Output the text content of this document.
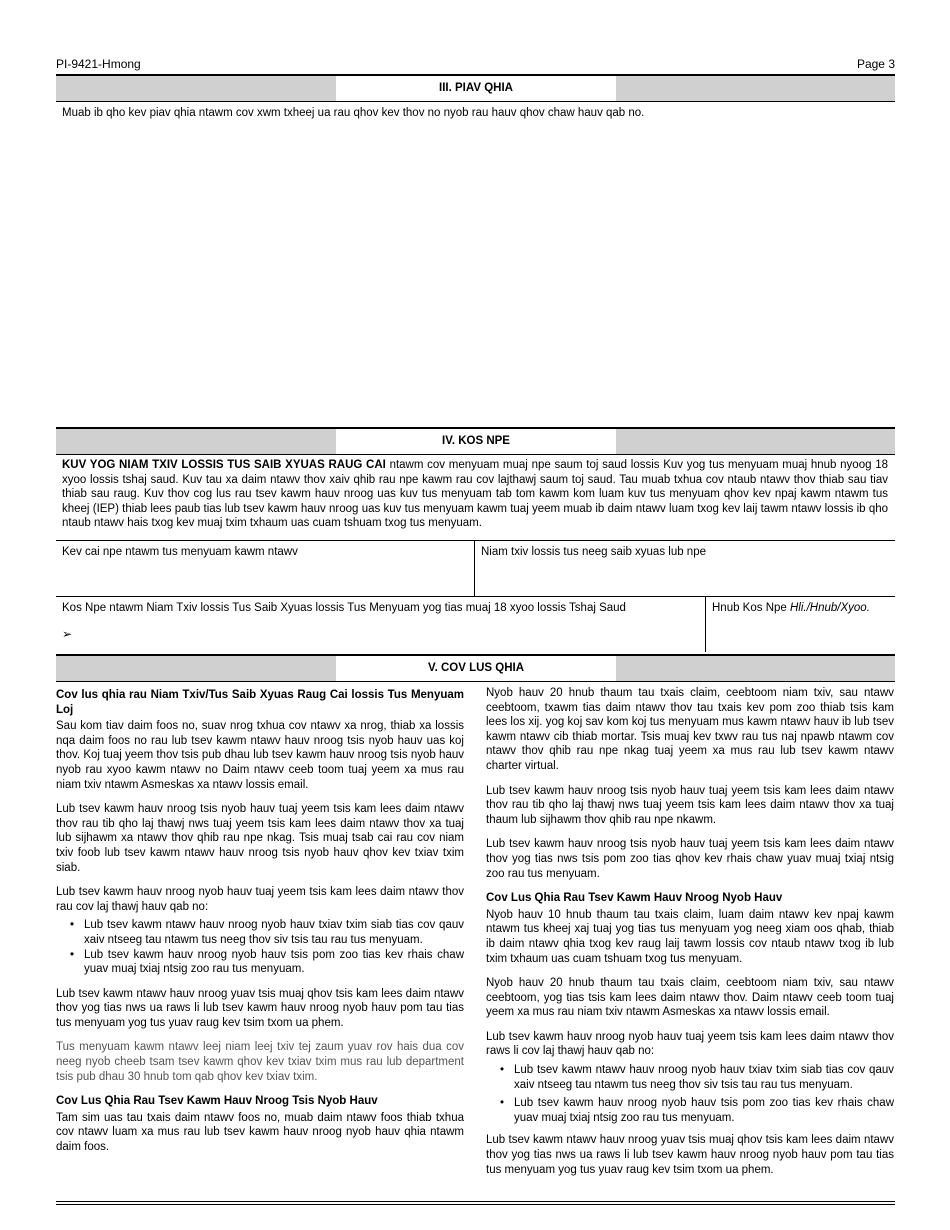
PI-9421-Hmong	Page 3
III. PIAV QHIA
Muab ib qho kev piav qhia ntawm cov xwm txheej ua rau qhov kev thov no nyob rau hauv qhov chaw hauv qab no.
IV. KOS NPE
KUV YOG NIAM TXIV LOSSIS TUS SAIB XYUAS RAUG CAI ntawm cov menyuam muaj npe saum toj saud lossis Kuv yog tus menyuam muaj hnub nyoog 18 xyoo lossis tshaj saud. Kuv tau xa daim ntawv thov xaiv qhib rau npe kawm rau cov lajthawj saum toj saud. Tau muab txhua cov ntaub ntawv thov thiab sau tiav thiab sau raug. Kuv thov cog lus rau tsev kawm hauv nroog uas kuv tus menyuam tab tom kawm kom luam kuv tus menyuam qhov kev npaj kawm ntawm tus kheej (IEP) thiab lees paub tias lub tsev kawm hauv nroog uas kuv tus menyuam kawm tuaj yeem muab ib daim ntawv luam txog kev laij tawm ntawv lossis ib qho ntaub ntawv hais txog kev muaj txim txhaum uas cuam tshuam txog tus menyuam.
Kev cai npe ntawm tus menyuam kawm ntawv	Niam txiv lossis tus neeg saib xyuas lub npe
Kos Npe ntawm Niam Txiv lossis Tus Saib Xyuas lossis Tus Menyuam yog tias muaj 18 xyoo lossis Tshaj Saud
➢
Hnub Kos Npe Hli./Hnub/Xyoo.
V. COV LUS QHIA
Cov lus qhia rau Niam Txiv/Tus Saib Xyuas Raug Cai lossis Tus Menyuam Loj

Sau kom tiav daim foos no, suav nrog txhua cov ntawv xa nrog, thiab xa lossis nqa daim foos no rau lub tsev kawm ntawv hauv nroog tsis nyob hauv uas koj thov. Koj tuaj yeem thov tsis pub dhau lub tsev kawm hauv nroog tsis nyob hauv nyob rau xyoo kawm ntawv no Daim ntawv ceeb toom tuaj yeem xa mus rau niam txiv ntawm Asmeskas xa ntawv lossis email.

Lub tsev kawm hauv nroog tsis nyob hauv tuaj yeem tsis kam lees daim ntawv thov rau tib qho laj thawj nws tuaj yeem tsis kam lees daim ntawv thov xa tuaj lub sijhawm xa ntawv thov qhib rau npe nkag. Tsis muaj tsab cai rau cov niam txiv foob lub tsev kawm ntawv hauv nroog tsis nyob hauv qhov kev txiav txim siab.

Lub tsev kawm hauv nroog nyob hauv tuaj yeem tsis kam lees daim ntawv thov rau cov laj thawj hauv qab no:

• Lub tsev kawm ntawv hauv nroog nyob hauv txiav txim siab tias cov qauv xaiv ntseeg tau ntawm tus neeg thov siv tsis tau rau tus menyuam.
• Lub tsev kawm hauv nroog nyob hauv tsis pom zoo tias kev rhais chaw yuav muaj txiaj ntsig zoo rau tus menyuam.

Lub tsev kawm ntawv hauv nroog yuav tsis muaj qhov tsis kam lees daim ntawv thov yog tias nws ua raws li lub tsev kawm hauv nroog nyob hauv pom tau tias tus menyuam yog tus yuav raug kev tsim txom ua phem.

Tus menyuam kawm ntawv leej niam leej txiv tej zaum yuav rov hais dua cov neeg nyob cheeb tsam tsev kawm qhov kev txiav txim mus rau lub department tsis pub dhau 30 hnub tom qab qhov kev txiav txim.

Cov Lus Qhia Rau Tsev Kawm Hauv Nroog Tsis Nyob Hauv

Tam sim uas tau txais daim ntawv foos no, muab daim ntawv foos thiab txhua cov ntawv luam xa mus rau lub tsev kawm hauv nroog nyob hauv qhia ntawm daim foos.

Nyob hauv 20 hnub thaum tau txais claim, ceebtoom niam txiv, sau ntawv ceebtoom, txawm tias daim ntawv thov tau txais kev pom zoo thiab tsis kam lees los xij. yog koj sav kom koj tus menyuam mus kawm ntawv hauv ib lub tsev kawm ntawv cib thiab mortar. Tsis muaj kev txwv rau tus naj npawb ntawm cov ntawv thov qhib rau npe nkag tuaj yeem xa mus rau lub tsev kawm ntawv charter virtual.

Lub tsev kawm hauv nroog tsis nyob hauv tuaj yeem tsis kam lees daim ntawv thov rau tib qho laj thawj nws tuaj yeem tsis kam lees daim ntawv thov xa tuaj thaum lub sijhawm thov qhib rau npe nkawm.

Lub tsev kawm hauv nroog tsis nyob hauv tuaj yeem tsis kam lees daim ntawv thov yog tias nws tsis pom zoo tias qhov kev rhais chaw yuav muaj txiaj ntsig zoo rau tus menyuam.

Cov Lus Qhia Rau Tsev Kawm Hauv Nroog Nyob Hauv

Nyob hauv 10 hnub thaum tau txais claim, luam daim ntawv kev npaj kawm ntawm tus kheej xaj tuaj yog tias tus menyuam yog neeg xiam oos qhab, thiab ib daim ntawv qhia txog kev raug laij tawm lossis cov ntaub ntawv txog ib lub txim txhaum uas cuam tshuam txog tus menyuam.

Nyob hauv 20 hnub thaum tau txais claim, ceebtoom niam txiv, sau ntawv ceebtoom, yog tias tsis kam lees daim ntawv thov. Daim ntawv ceeb toom tuaj yeem xa mus rau niam txiv ntawm Asmeskas xa ntawv lossis email.

Lub tsev kawm hauv nroog nyob hauv tuaj yeem tsis kam lees daim ntawv thov raws li cov laj thawj hauv qab no:

• Lub tsev kawm ntawv hauv nroog nyob hauv txiav txim siab tias cov qauv xaiv ntseeg tau ntawm tus neeg thov siv tsis tau rau tus menyuam.
• Lub tsev kawm hauv nroog nyob hauv tsis pom zoo tias kev rhais chaw yuav muaj txiaj ntsig zoo rau tus menyuam.

Lub tsev kawm ntawv hauv nroog yuav tsis muaj qhov tsis kam lees daim ntawv thov yog tias nws ua raws li lub tsev kawm hauv nroog nyob hauv pom tau tias tus menyuam yog tus yuav raug kev tsim txom ua phem.
